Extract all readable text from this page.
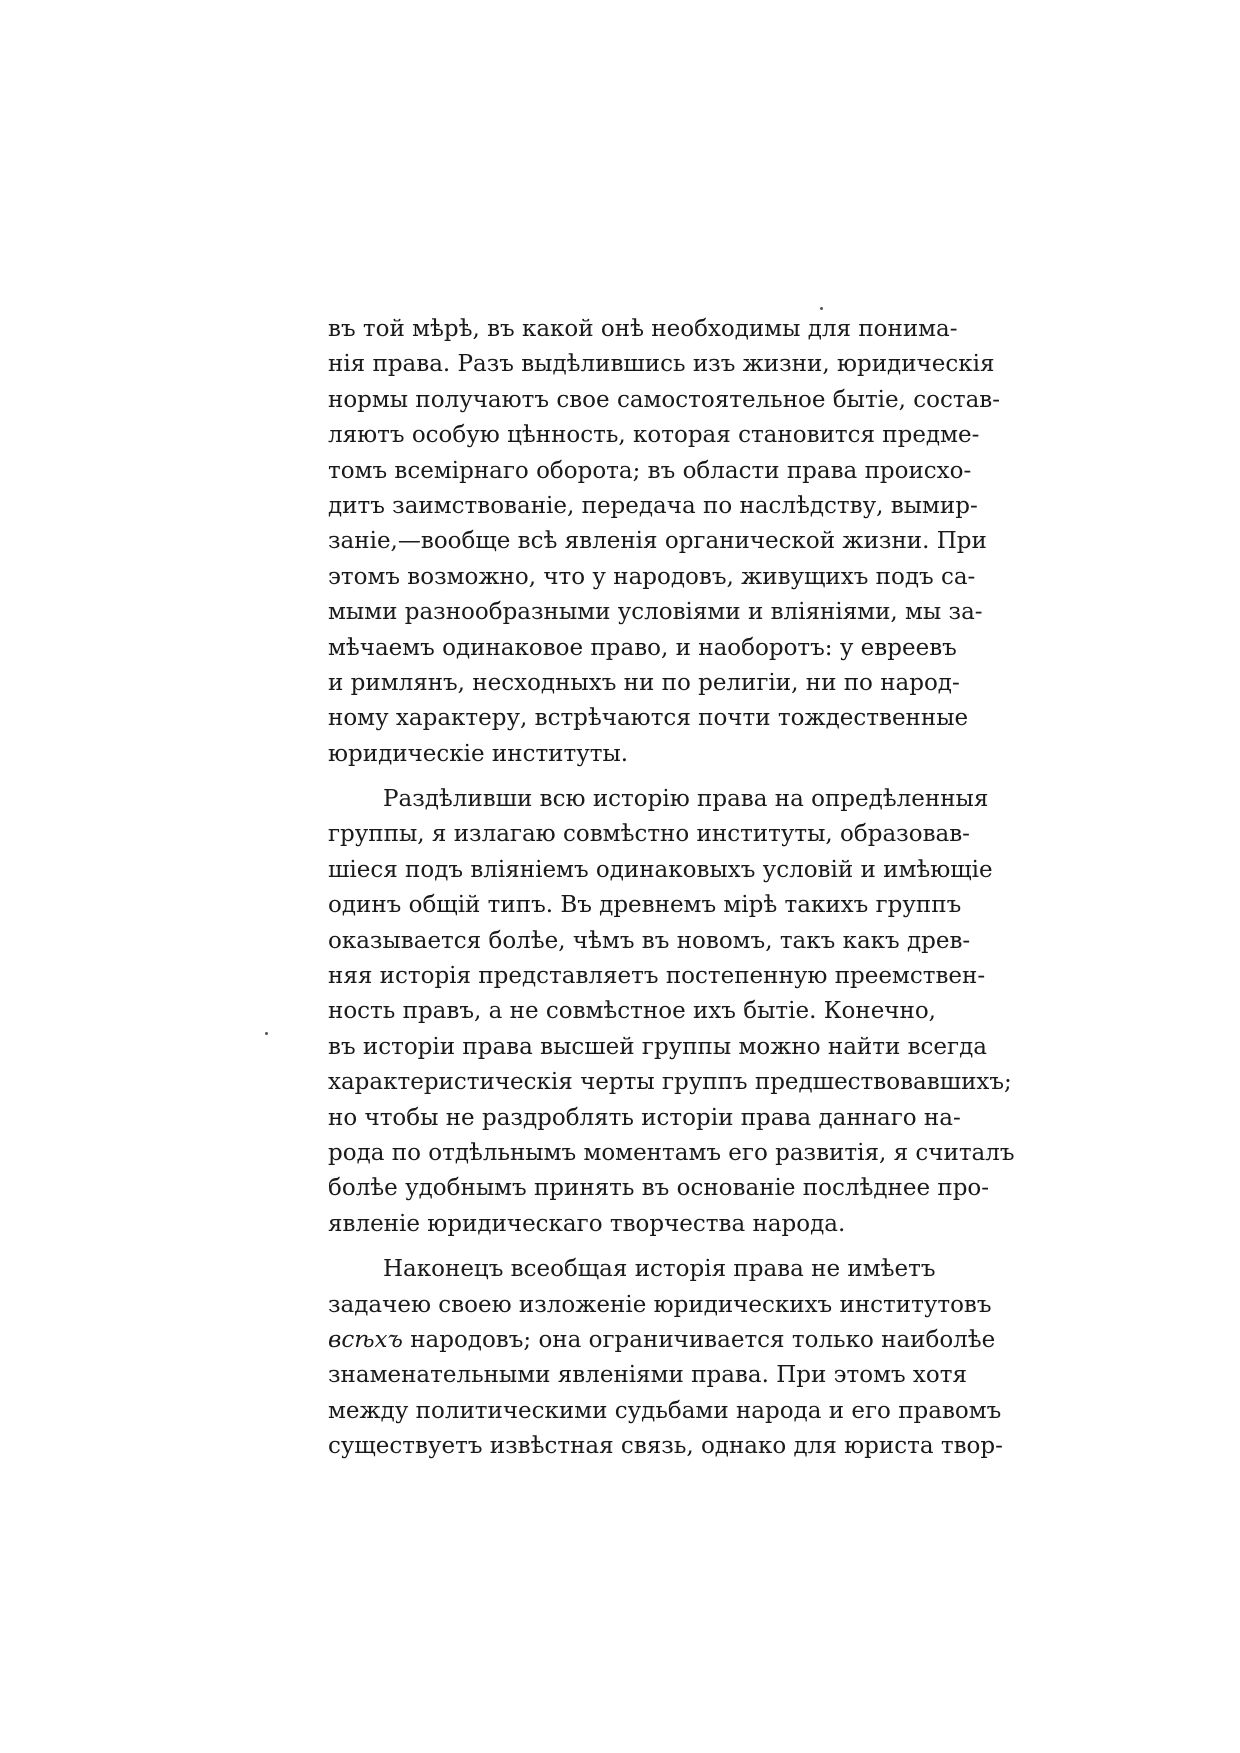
въ той мѣрѣ, въ какой онѣ необходимы для понима-
нія права. Разъ выдѣлившись изъ жизни, юридическія
нормы получаютъ свое самостоятельное бытіе, состав-
ляютъ особую цѣнность, которая становится предме-
томъ всемірнаго оборота; въ области права происхо-
дитъ заимствованіе, передача по наслѣдству, вымир-
заніе,—вообще всѣ явленія органической жизни. При
этомъ возможно, что у народовъ, живущихъ подъ са-
мыми разнообразными условіями и вліяніями, мы за-
мѣчаемъ одинаковое право, и наоборотъ: у евреевъ
и римлянъ, несходныхъ ни по религіи, ни по народ-
ному характеру, встрѣчаются почти тождественные
юридическіе институты.
Раздѣливши всю исторію права на опредѣленныя
группы, я излагаю совмѣстно институты, образовав-
шіеся подъ вліяніемъ одинаковыхъ условій и имѣющіе
одинъ общій типъ. Въ древнемъ мірѣ такихъ группъ
оказывается болѣе, чѣмъ въ новомъ, такъ какъ древ-
няя исторія представляетъ постепенную преемствен-
ность правъ, а не совмѣстное ихъ бытіе. Конечно,
въ исторіи права высшей группы можно найти всегда
характеристическія черты группъ предшествовавшихъ;
но чтобы не раздроблять исторіи права даннаго на-
рода по отдѣльнымъ моментамъ его развитія, я считалъ
болѣе удобнымъ принять въ основаніе послѣднее про-
явленіе юридическаго творчества народа.
Наконецъ всеобщая исторія права не имѣетъ
задачею своею изложеніе юридическихъ институтовъ
всѣхъ народовъ; она ограничивается только наиболѣе
знаменательными явленіями права. При этомъ хотя
между политическими судьбами народа и его правомъ
существуетъ извѣстная связь, однако для юриста твор-
